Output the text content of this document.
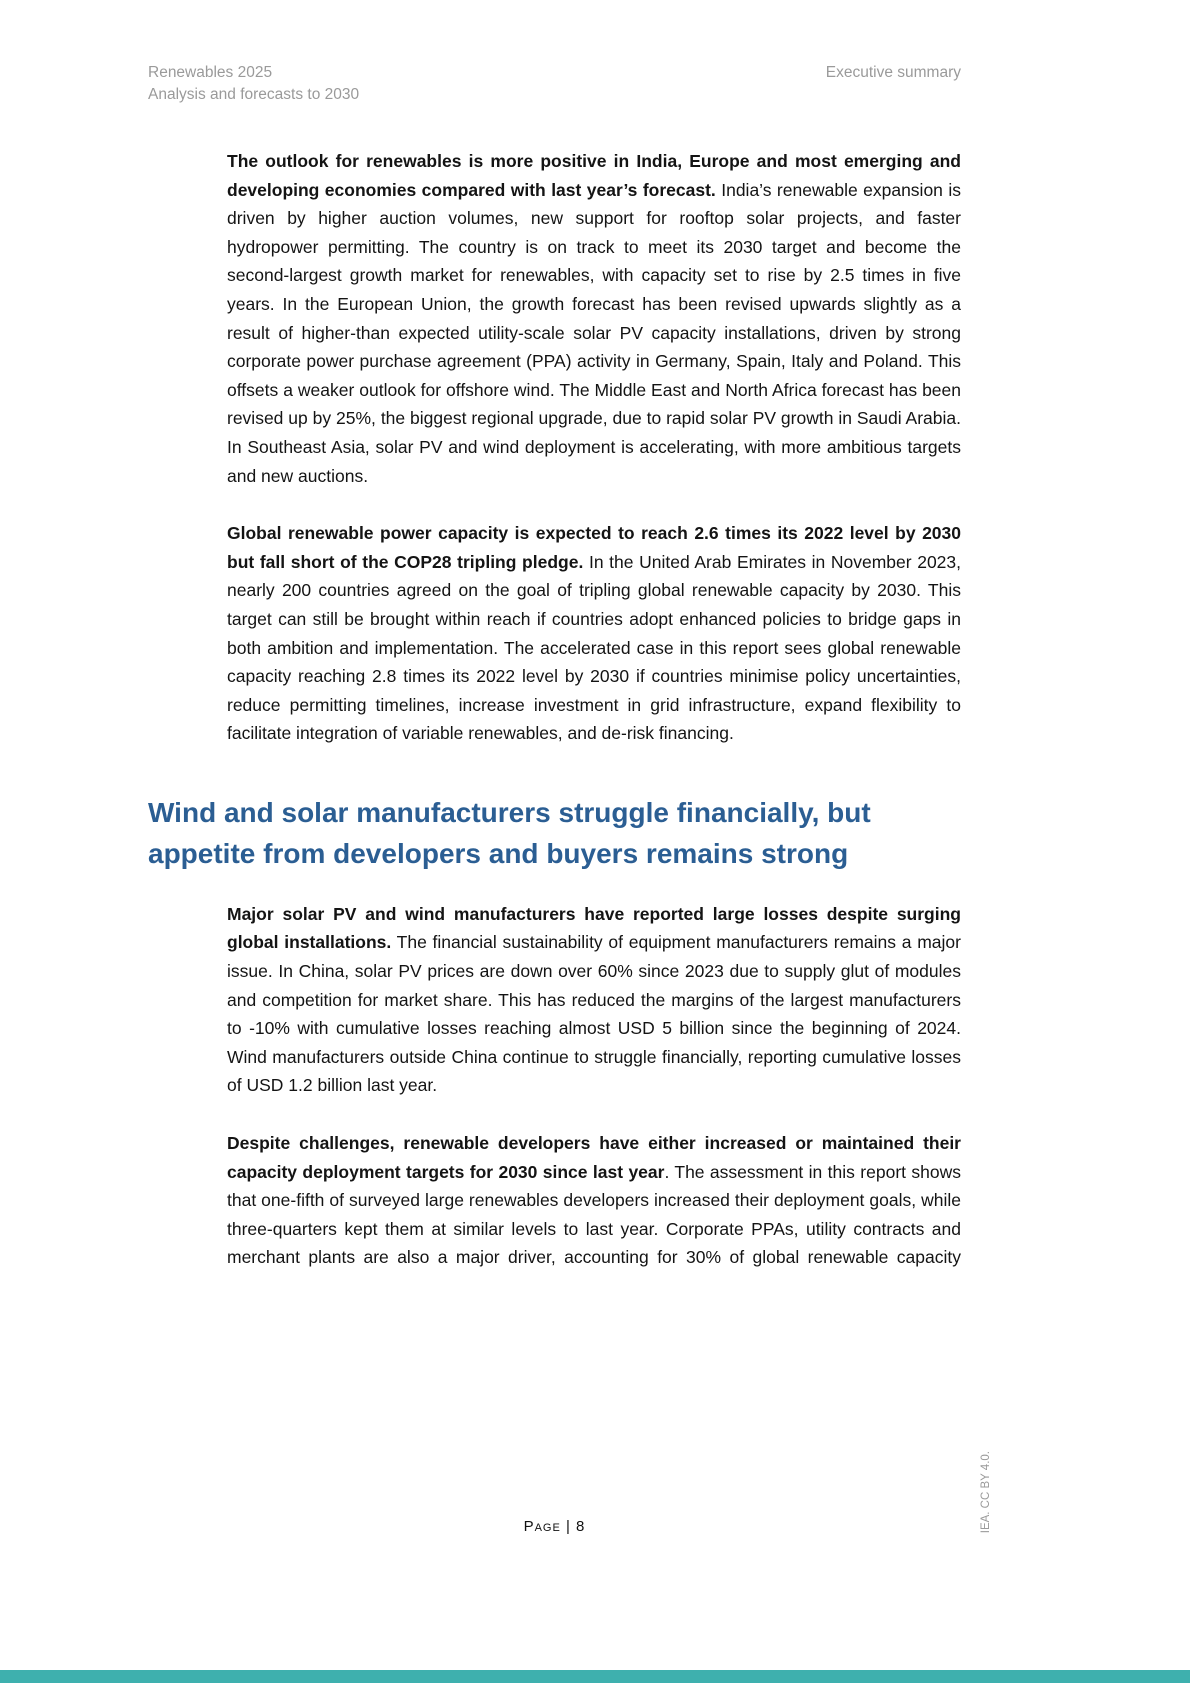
Renewables 2025
Analysis and forecasts to 2030
Executive summary

The outlook for renewables is more positive in India, Europe and most emerging and developing economies compared with last year’s forecast. India’s renewable expansion is driven by higher auction volumes, new support for rooftop solar projects, and faster hydropower permitting. The country is on track to meet its 2030 target and become the second-largest growth market for renewables, with capacity set to rise by 2.5 times in five years. In the European Union, the growth forecast has been revised upwards slightly as a result of higher-than expected utility-scale solar PV capacity installations, driven by strong corporate power purchase agreement (PPA) activity in Germany, Spain, Italy and Poland. This offsets a weaker outlook for offshore wind. The Middle East and North Africa forecast has been revised up by 25%, the biggest regional upgrade, due to rapid solar PV growth in Saudi Arabia. In Southeast Asia, solar PV and wind deployment is accelerating, with more ambitious targets and new auctions.

Global renewable power capacity is expected to reach 2.6 times its 2022 level by 2030 but fall short of the COP28 tripling pledge. In the United Arab Emirates in November 2023, nearly 200 countries agreed on the goal of tripling global renewable capacity by 2030. This target can still be brought within reach if countries adopt enhanced policies to bridge gaps in both ambition and implementation. The accelerated case in this report sees global renewable capacity reaching 2.8 times its 2022 level by 2030 if countries minimise policy uncertainties, reduce permitting timelines, increase investment in grid infrastructure, expand flexibility to facilitate integration of variable renewables, and de-risk financing.

Wind and solar manufacturers struggle financially, but appetite from developers and buyers remains strong

Major solar PV and wind manufacturers have reported large losses despite surging global installations. The financial sustainability of equipment manufacturers remains a major issue. In China, solar PV prices are down over 60% since 2023 due to supply glut of modules and competition for market share. This has reduced the margins of the largest manufacturers to -10% with cumulative losses reaching almost USD 5 billion since the beginning of 2024. Wind manufacturers outside China continue to struggle financially, reporting cumulative losses of USD 1.2 billion last year.

Despite challenges, renewable developers have either increased or maintained their capacity deployment targets for 2030 since last year. The assessment in this report shows that one-fifth of surveyed large renewables developers increased their deployment goals, while three-quarters kept them at similar levels to last year. Corporate PPAs, utility contracts and merchant plants are also a major driver, accounting for 30% of global renewable capacity

Page | 8	IEA. CC BY 4.0.
